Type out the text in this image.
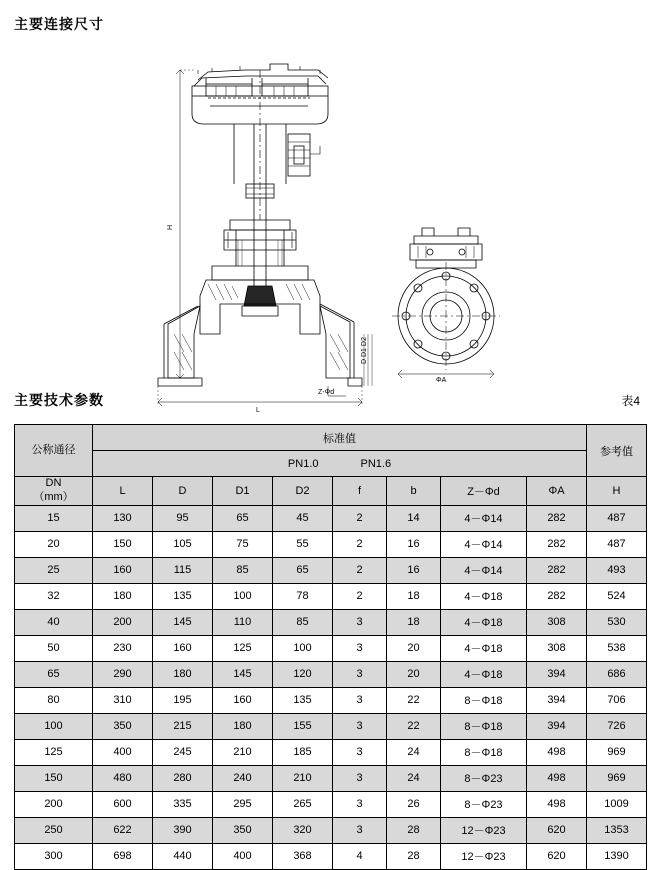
主要连接尺寸
H
L
Z-Φd
D D1 D2
ΦA
主要技术参数	表4
公称通径	标准值								参考值

	PN1.0 PN1.6								

DN
（mm）	L	D	D1	D2	f	b	Z－Φd	ΦA	H
15	130	95	65	45	2	14	4－Φ14	282	487
20	150	105	75	55	2	16	4－Φ14	282	487
25	160	115	85	65	2	16	4－Φ14	282	493
32	180	135	100	78	2	18	4－Φ18	282	524
40	200	145	110	85	3	18	4－Φ18	308	530
50	230	160	125	100	3	20	4－Φ18	308	538
65	290	180	145	120	3	20	4－Φ18	394	686
80	310	195	160	135	3	22	8－Φ18	394	706
100	350	215	180	155	3	22	8－Φ18	394	726
125	400	245	210	185	3	24	8－Φ18	498	969
150	480	280	240	210	3	24	8－Φ23	498	969
200	600	335	295	265	3	26	8－Φ23	498	1009
250	622	390	350	320	3	28	12－Φ23	620	1353
300	698	440	400	368	4	28	12－Φ23	620	1390
